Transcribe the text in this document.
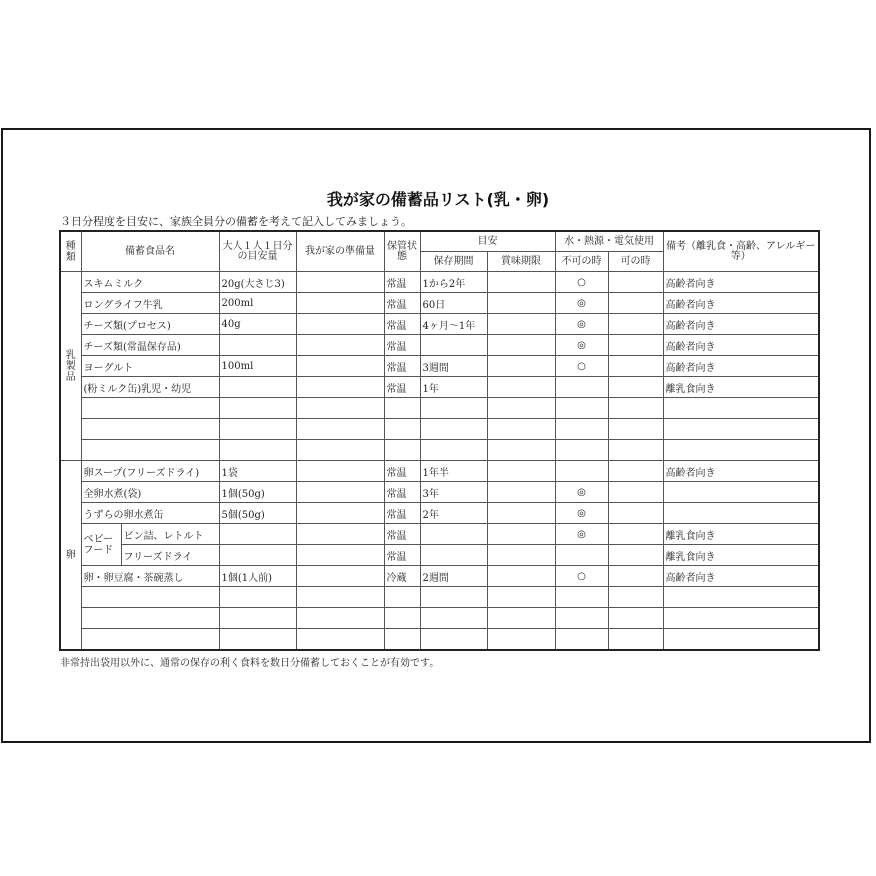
我が家の備蓄品リスト(乳・卵)
３日分程度を目安に、家族全員分の備蓄を考えて記入してみましょう。
種類	備蓄食品名		大人１人１日分の目安量	我が家の準備量	保管状態	目安		水・熱源・電気使用		備考（離乳食・高齢、アレルギー等）
						保存期間	賞味期限	不可の時	可の時	
乳製品	スキムミルク		20g(大さじ3)		常温	1から2年		○		高齢者向き
	ロングライフ牛乳		200ml		常温	60日		◎		高齢者向き
	チーズ類(プロセス)		40g		常温	4ヶ月〜1年		◎		高齢者向き
	チーズ類(常温保存品)				常温			◎		高齢者向き
	ヨーグルト		100ml		常温	3週間		○		高齢者向き
	(粉ミルク缶)乳児・幼児				常温	1年				離乳食向き

卵	卵スープ(フリーズドライ)		1袋		常温	1年半				高齢者向き
	全卵水煮(袋)		1個(50g)		常温	3年		◎		
	うずらの卵水煮缶		5個(50g)		常温	2年		◎		
	ベビーフード	ビン詰、レトルト			常温			◎		離乳食向き
		フリーズドライ			常温					離乳食向き
	卵・卵豆腐・茶碗蒸し		1個(1人前)		冷蔵	2週間		○		高齢者向き

非常持出袋用以外に、通常の保存の利く食料を数日分備蓄しておくことが有効です。
